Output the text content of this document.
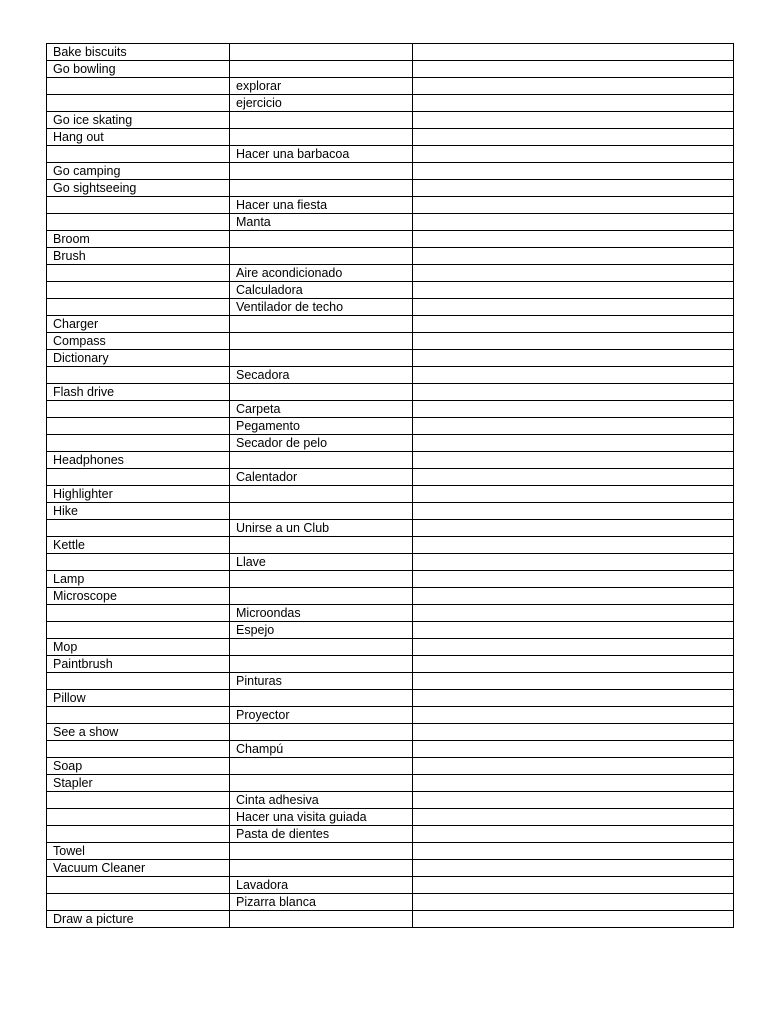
Bake biscuits		
Go bowling		
	explorar	
	ejercicio	
Go ice skating		
Hang out		
	Hacer una barbacoa	
Go camping		
Go sightseeing		
	Hacer una fiesta	
	Manta	
Broom		
Brush		
	Aire acondicionado	
	Calculadora	
	Ventilador de techo	
Charger		
Compass		
Dictionary		
	Secadora	
Flash drive		
	Carpeta	
	Pegamento	
	Secador de pelo	
Headphones		
	Calentador	
Highlighter		
Hike		
	Unirse a un Club	
Kettle		
	Llave	
Lamp		
Microscope		
	Microondas	
	Espejo	
Mop		
Paintbrush		
	Pinturas	
Pillow		
	Proyector	
See a show		
	Champú	
Soap		
Stapler		
	Cinta adhesiva	
	Hacer una visita guiada	
	Pasta de dientes	
Towel		
Vacuum Cleaner		
	Lavadora	
	Pizarra blanca	
Draw a picture		
